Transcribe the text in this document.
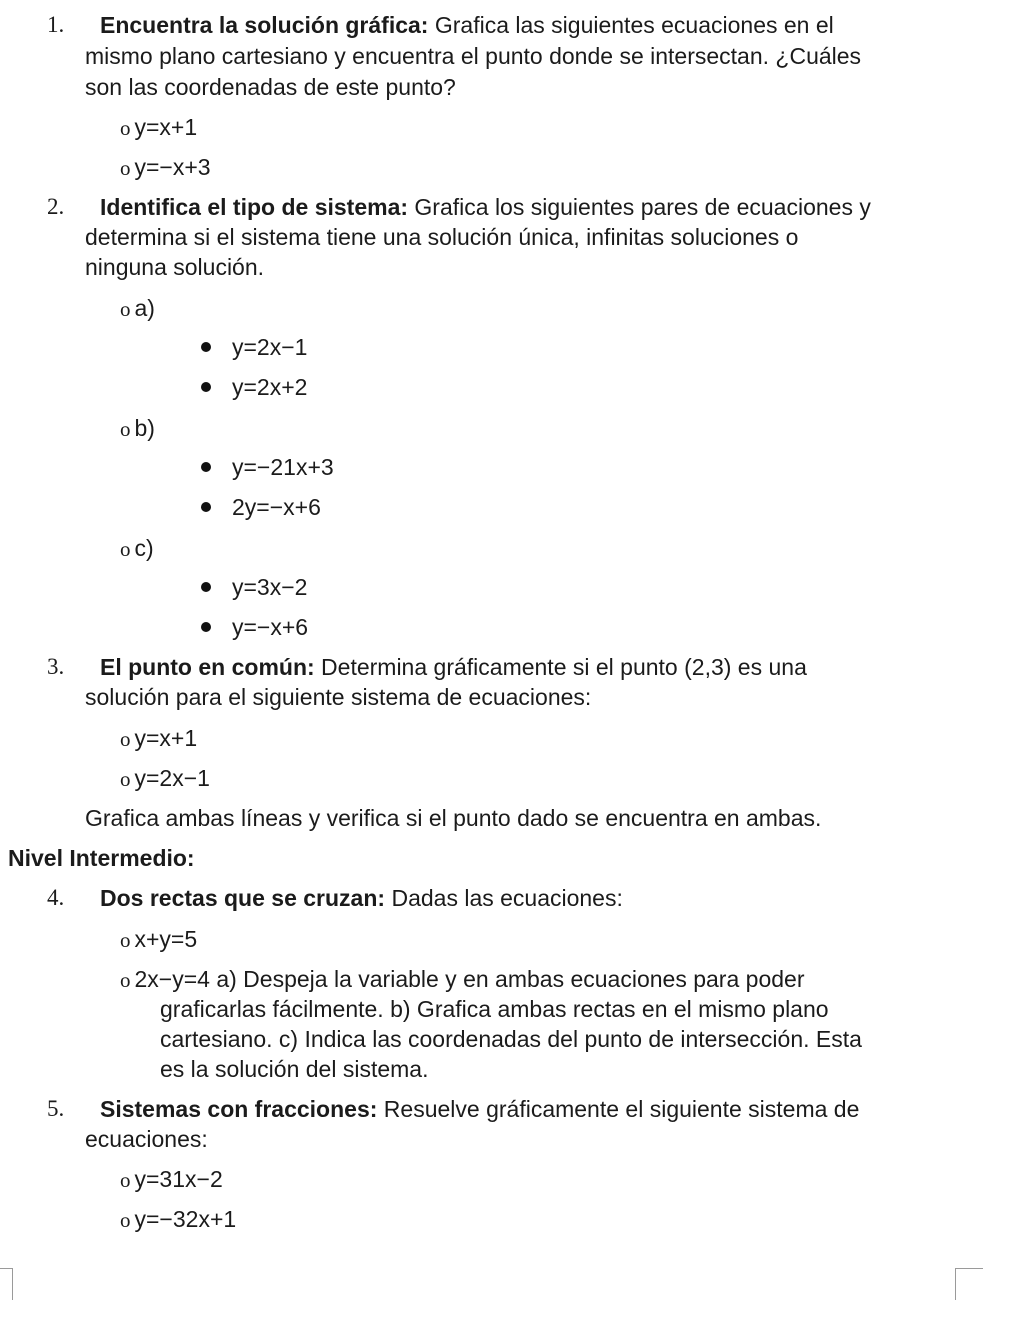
1. Encuentra la solución gráfica: Grafica las siguientes ecuaciones en el
mismo plano cartesiano y encuentra el punto donde se intersectan. ¿Cuáles
son las coordenadas de este punto?
o y=x+1
o y=−x+3
2. Identifica el tipo de sistema: Grafica los siguientes pares de ecuaciones y
determina si el sistema tiene una solución única, infinitas soluciones o
ninguna solución.
o a)
y=2x−1
y=2x+2
o b)
y=−21x+3
2y=−x+6
o c)
y=3x−2
y=−x+6
3. El punto en común: Determina gráficamente si el punto (2,3) es una
solución para el siguiente sistema de ecuaciones:
o y=x+1
o y=2x−1
Grafica ambas líneas y verifica si el punto dado se encuentra en ambas.
Nivel Intermedio:
4. Dos rectas que se cruzan: Dadas las ecuaciones:
o x+y=5
o 2x−y=4 a) Despeja la variable y en ambas ecuaciones para poder
graficarlas fácilmente. b) Grafica ambas rectas en el mismo plano
cartesiano. c) Indica las coordenadas del punto de intersección. Esta
es la solución del sistema.
5. Sistemas con fracciones: Resuelve gráficamente el siguiente sistema de
ecuaciones:
o y=31x−2
o y=−32x+1
